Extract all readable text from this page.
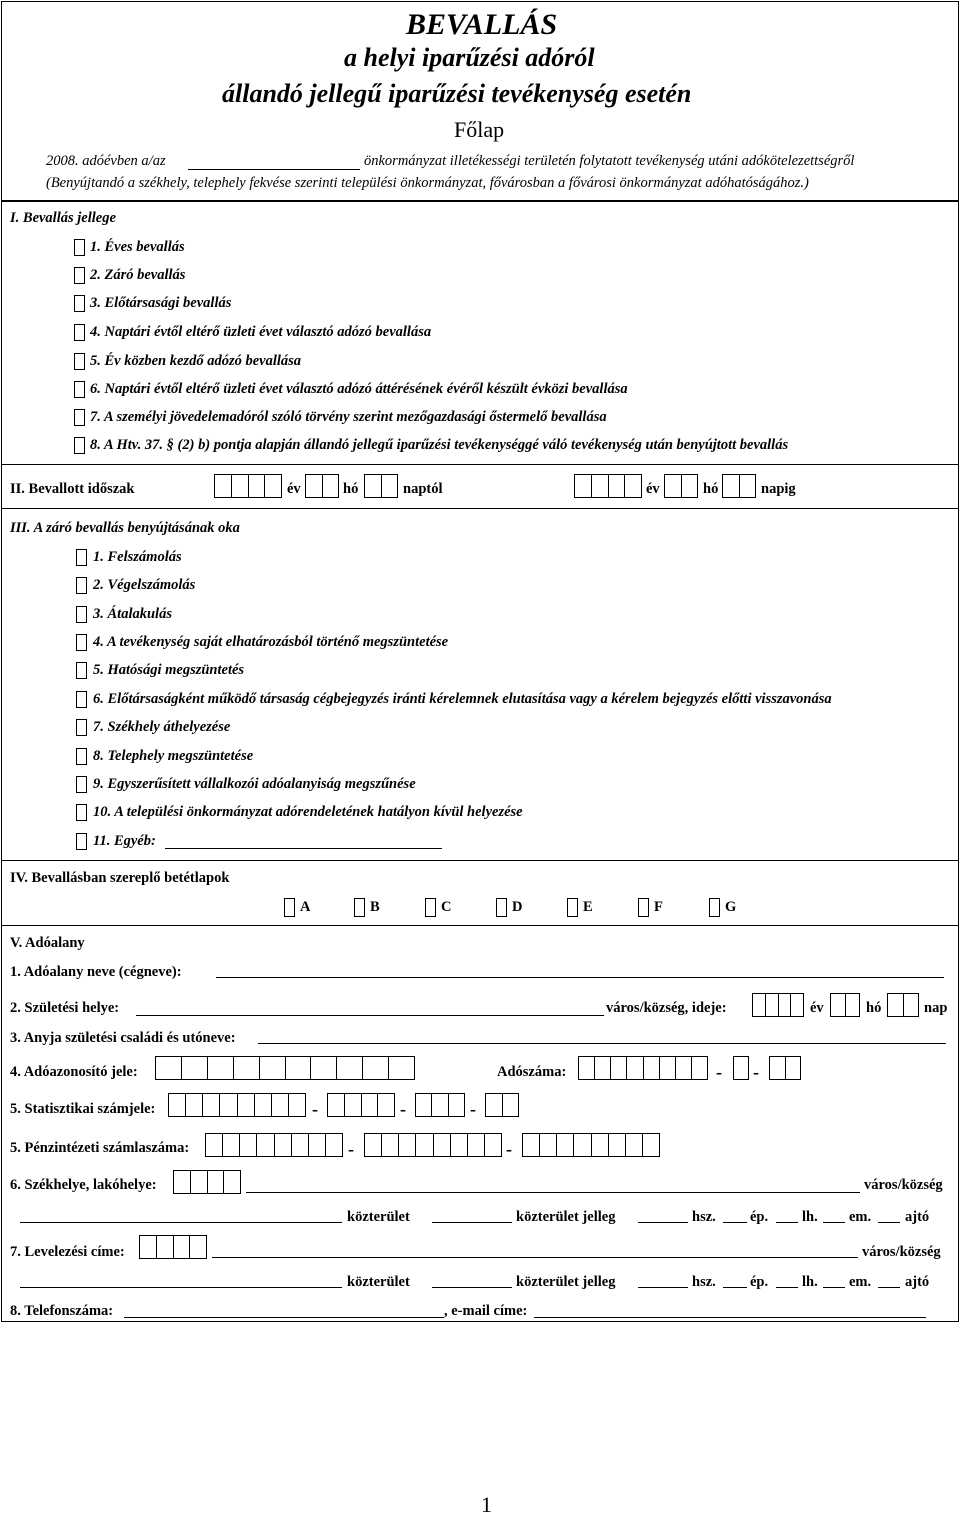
BEVALLÁS
a helyi iparűzési adóról
állandó jellegű iparűzési tevékenység esetén
Főlap
2008. adóévben a/az	önkormányzat illetékességi területén folytatott tevékenység utáni adókötelezettségről
(Benyújtandó a székhely, telephely fekvése szerinti települési önkormányzat, fővárosban a fővárosi önkormányzat adóhatóságához.)
I. Bevallás jellege
1. Éves bevallás
2. Záró bevallás
3. Előtársasági bevallás
4. Naptári évtől eltérő üzleti évet választó adózó bevallása
5. Év közben kezdő adózó bevallása
6. Naptári évtől eltérő üzleti évet választó adózó áttérésének évéről készült évközi bevallása
7. A személyi jövedelemadóról szóló törvény szerint mezőgazdasági őstermelő bevallása
8. A Htv. 37. § (2) b) pontja alapján állandó jellegű iparűzési tevékenységgé váló tevékenység után benyújtott bevallás
II. Bevallott időszak	év	hó	naptól	év	hó	napig
III. A záró bevallás benyújtásának oka
1. Felszámolás
2. Végelszámolás
3. Átalakulás
4. A tevékenység saját elhatározásból történő megszüntetése
5. Hatósági megszüntetés
6. Előtársaságként működő társaság cégbejegyzés iránti kérelemnek elutasítása vagy a kérelem bejegyzés előtti visszavonása
7. Székhely áthelyezése
8. Telephely megszüntetése
9. Egyszerűsített vállalkozói adóalanyiság megszűnése
10. A települési önkormányzat adórendeletének hatályon kívül helyezése
11. Egyéb:
IV. Bevallásban szereplő betétlapok
A	B	C	D	E	F	G
V. Adóalany
1. Adóalany neve (cégneve):
2. Születési helye:	város/község, ideje:	év	hó	nap
3. Anyja születési családi és utóneve:
4. Adóazonosító jele:	Adószáma:	- -
5. Statisztikai számjele:	-	-	-
5. Pénzintézeti számlaszáma:	-	-
6. Székhelye, lakóhelye:	város/község
közterület	közterület jelleg	hsz. ép. lh. em. ajtó
7. Levelezési címe:	város/község
közterület	közterület jelleg	hsz. ép. lh. em. ajtó
8. Telefonszáma:	, e-mail címe:
1
